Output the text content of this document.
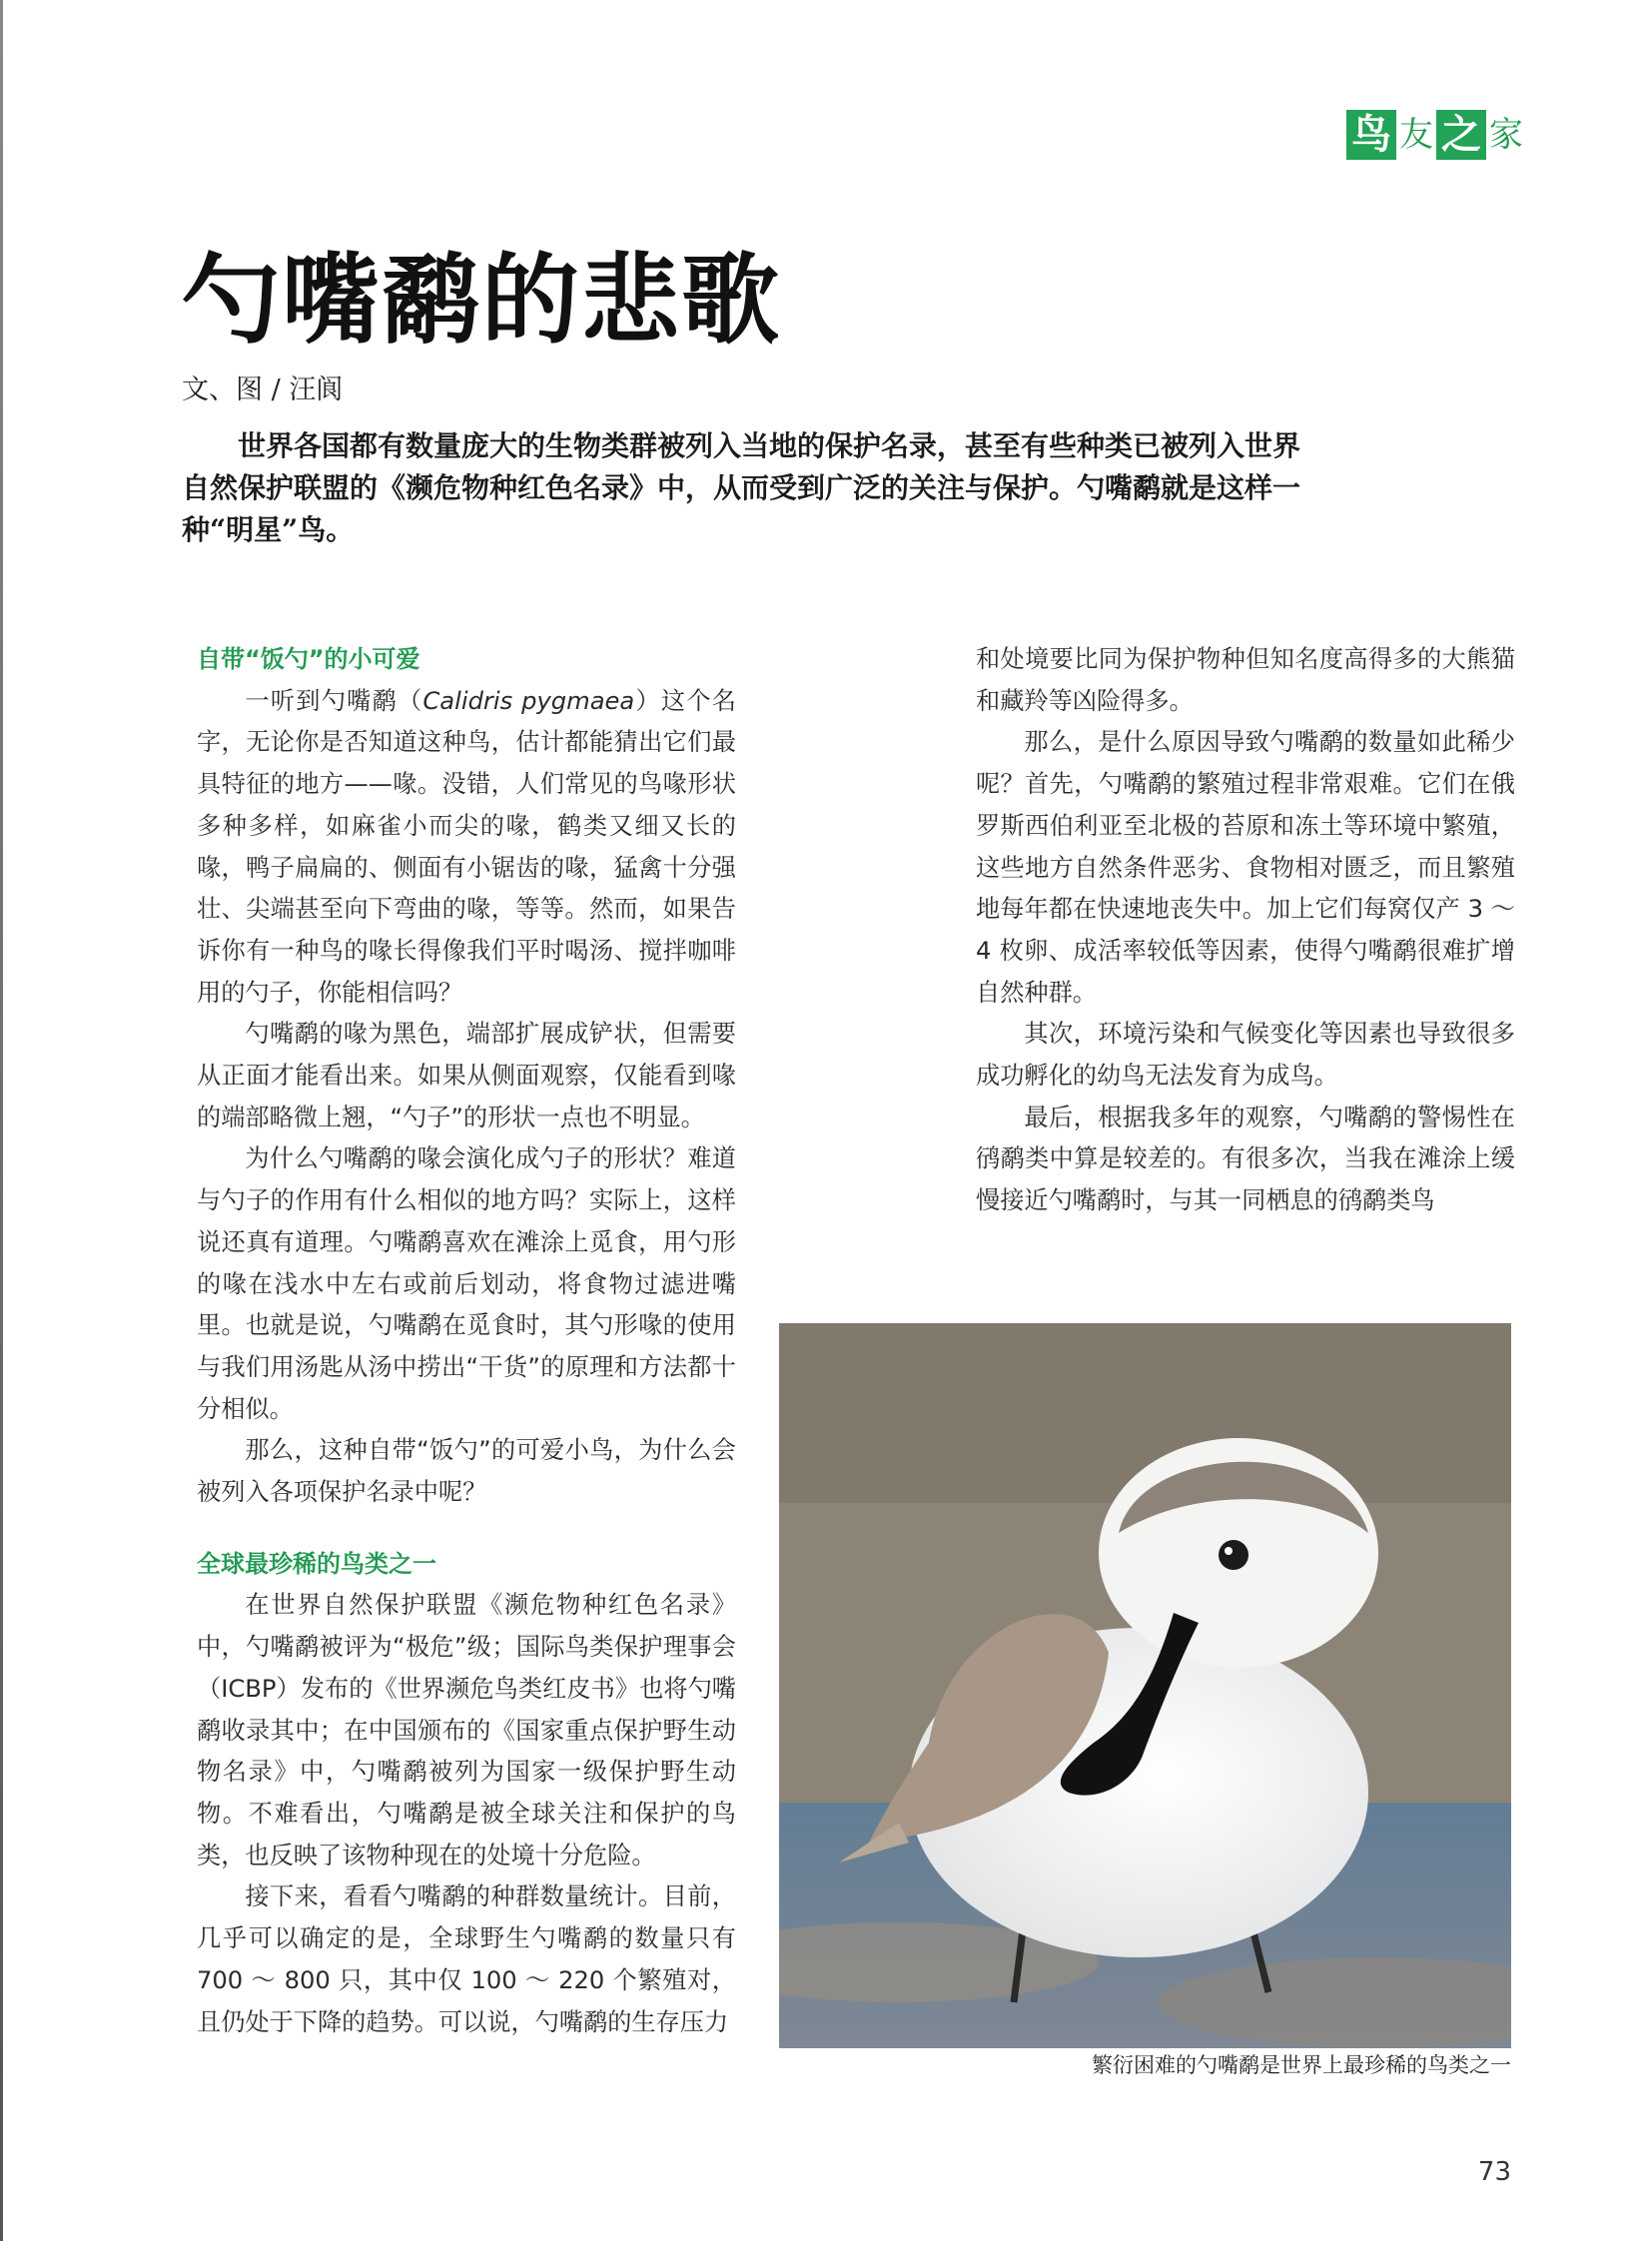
鸟 友 之 家
勺嘴鹬的悲歌
文、图 / 汪阆

世界各国都有数量庞大的生物类群被列入当地的保护名录，甚至有些种类已被列入世界自然保护联盟的《濒危物种红色名录》中，从而受到广泛的关注与保护。勺嘴鹬就是这样一种“明星”鸟。

自带“饭勺”的小可爱

一听到勺嘴鹬（Calidris pygmaea）这个名字，无论你是否知道这种鸟，估计都能猜出它们最具特征的地方——喙。没错，人们常见的鸟喙形状多种多样，如麻雀小而尖的喙，鹤类又细又长的喙，鸭子扁扁的、侧面有小锯齿的喙，猛禽十分强壮、尖端甚至向下弯曲的喙，等等。然而，如果告诉你有一种鸟的喙长得像我们平时喝汤、搅拌咖啡用的勺子，你能相信吗？

勺嘴鹬的喙为黑色，端部扩展成铲状，但需要从正面才能看出来。如果从侧面观察，仅能看到喙的端部略微上翘，“勺子”的形状一点也不明显。

为什么勺嘴鹬的喙会演化成勺子的形状？难道与勺子的作用有什么相似的地方吗？实际上，这样说还真有道理。勺嘴鹬喜欢在滩涂上觅食，用勺形的喙在浅水中左右或前后划动，将食物过滤进嘴里。也就是说，勺嘴鹬在觅食时，其勺形喙的使用与我们用汤匙从汤中捞出“干货”的原理和方法都十分相似。

那么，这种自带“饭勺”的可爱小鸟，为什么会被列入各项保护名录中呢？

全球最珍稀的鸟类之一

在世界自然保护联盟《濒危物种红色名录》中，勺嘴鹬被评为“极危”级；国际鸟类保护理事会（ICBP）发布的《世界濒危鸟类红皮书》也将勺嘴鹬收录其中；在中国颁布的《国家重点保护野生动物名录》中，勺嘴鹬被列为国家一级保护野生动物。不难看出，勺嘴鹬是被全球关注和保护的鸟类，也反映了该物种现在的处境十分危险。

接下来，看看勺嘴鹬的种群数量统计。目前，几乎可以确定的是，全球野生勺嘴鹬的数量只有700 ～ 800 只，其中仅 100 ～ 220 个繁殖对，且仍处于下降的趋势。可以说，勺嘴鹬的生存压力

和处境要比同为保护物种但知名度高得多的大熊猫和藏羚等凶险得多。

那么，是什么原因导致勺嘴鹬的数量如此稀少呢？首先，勺嘴鹬的繁殖过程非常艰难。它们在俄罗斯西伯利亚至北极的苔原和冻土等环境中繁殖，这些地方自然条件恶劣、食物相对匮乏，而且繁殖地每年都在快速地丧失中。加上它们每窝仅产 3 ～ 4 枚卵、成活率较低等因素，使得勺嘴鹬很难扩增自然种群。

其次，环境污染和气候变化等因素也导致很多成功孵化的幼鸟无法发育为成鸟。

最后，根据我多年的观察，勺嘴鹬的警惕性在鸻鹬类中算是较差的。有很多次，当我在滩涂上缓慢接近勺嘴鹬时，与其一同栖息的鸻鹬类鸟

繁衍困难的勺嘴鹬是世界上最珍稀的鸟类之一
73
